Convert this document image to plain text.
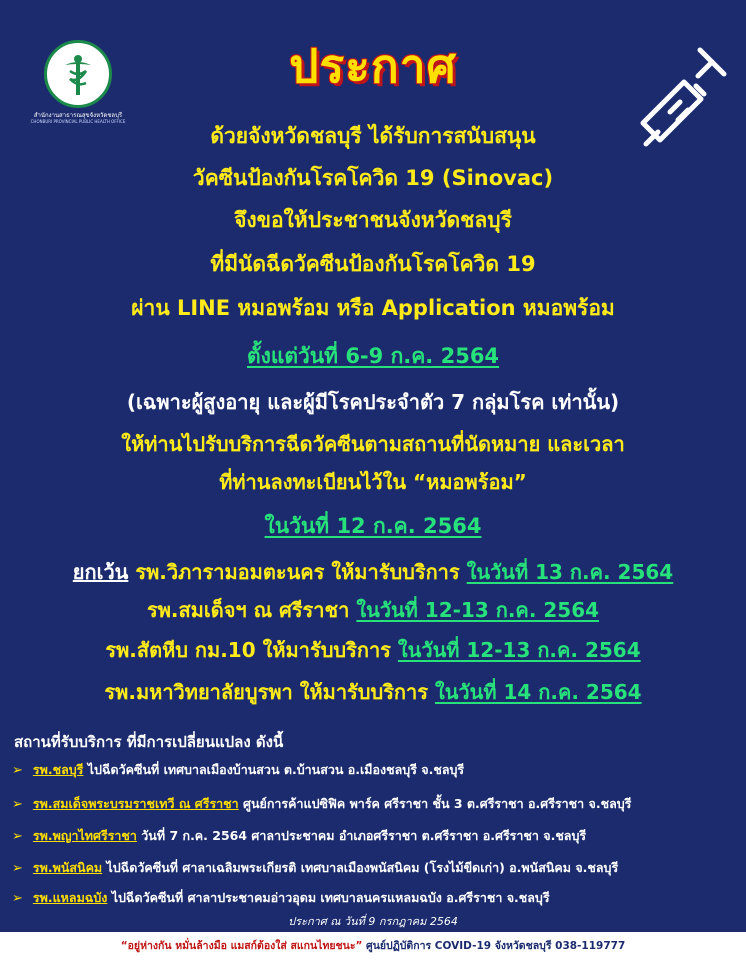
สำนักงานสาธารณสุขจังหวัดชลบุรี
CHONBURI PROVINCIAL PUBLIC HEALTH OFFICE
ประกาศ
ด้วยจังหวัดชลบุรี ได้รับการสนับสนุน
วัคซีนป้องกันโรคโควิด 19 (Sinovac)
จึงขอให้ประชาชนจังหวัดชลบุรี
ที่มีนัดฉีดวัคซีนป้องกันโรคโควิด 19
ผ่าน LINE หมอพร้อม หรือ Application หมอพร้อม
ตั้งแต่วันที่ 6-9 ก.ค. 2564
(เฉพาะผู้สูงอายุ และผู้มีโรคประจำตัว 7 กลุ่มโรค เท่านั้น)
ให้ท่านไปรับบริการฉีดวัคซีนตามสถานที่นัดหมาย และเวลา
ที่ท่านลงทะเบียนไว้ใน “หมอพร้อม”
ในวันที่ 12 ก.ค. 2564
ยกเว้น รพ.วิภารามอมตะนคร ให้มารับบริการ ในวันที่ 13 ก.ค. 2564
รพ.สมเด็จฯ ณ ศรีราชา ในวันที่ 12-13 ก.ค. 2564
รพ.สัตหีบ กม.10 ให้มารับบริการ ในวันที่ 12-13 ก.ค. 2564
รพ.มหาวิทยาลัยบูรพา ให้มารับบริการ ในวันที่ 14 ก.ค. 2564
สถานที่รับบริการ ที่มีการเปลี่ยนแปลง ดังนี้
➢ รพ.ชลบุรี ไปฉีดวัคซีนที่ เทศบาลเมืองบ้านสวน ต.บ้านสวน อ.เมืองชลบุรี จ.ชลบุรี
➢ รพ.สมเด็จพระบรมราชเทวี ณ ศรีราชา ศูนย์การค้าแปซิฟิค พาร์ค ศรีราชา ชั้น 3 ต.ศรีราชา อ.ศรีราชา จ.ชลบุรี
➢ รพ.พญาไทศรีราชา วันที่ 7 ก.ค. 2564 ศาลาประชาคม อำเภอศรีราชา ต.ศรีราชา อ.ศรีราชา จ.ชลบุรี
➢ รพ.พนัสนิคม ไปฉีดวัคซีนที่ ศาลาเฉลิมพระเกียรติ เทศบาลเมืองพนัสนิคม (โรงไม้ขีดเก่า) อ.พนัสนิคม จ.ชลบุรี
➢ รพ.แหลมฉบัง ไปฉีดวัคซีนที่ ศาลาประชาคมอ่าวอุดม เทศบาลนครแหลมฉบัง อ.ศรีราชา จ.ชลบุรี
ประกาศ ณ วันที่ 9 กรกฎาคม 2564
“อยู่ห่างกัน หมั่นล้างมือ แมสก์ต้องใส่ สแกนไทยชนะ” ศูนย์ปฏิบัติการ COVID-19 จังหวัดชลบุรี 038-119777
